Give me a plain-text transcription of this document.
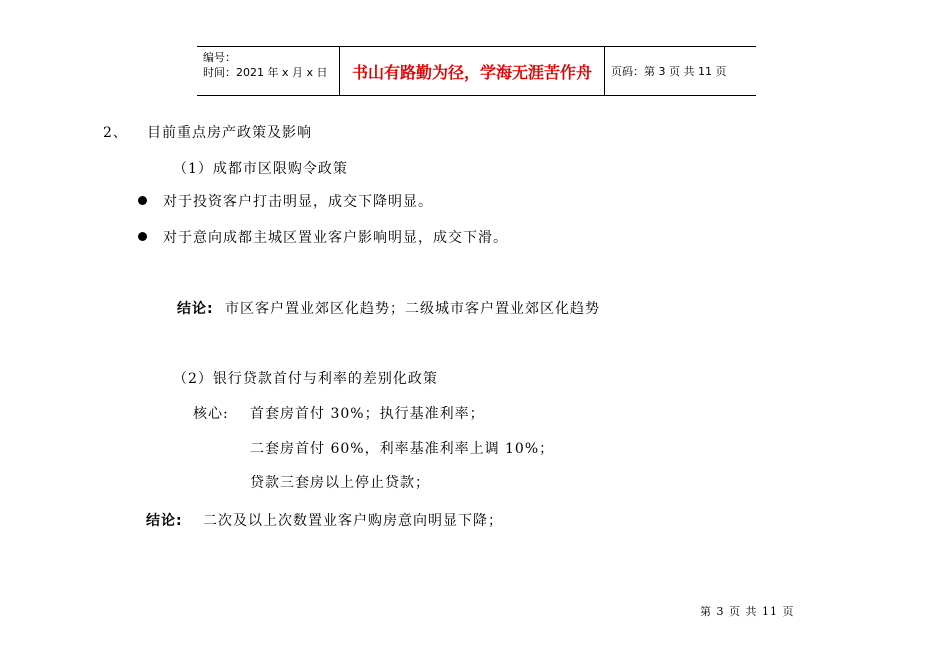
编号：
时间：2021 年 x 月 x 日	书山有路勤为径，学海无涯苦作舟	页码：第 3 页 共 11 页
2、 目前重点房产政策及影响
（1）成都市区限购令政策
对于投资客户打击明显，成交下降明显。
对于意向成都主城区置业客户影响明显，成交下滑。
结论: 市区客户置业郊区化趋势；二级城市客户置业郊区化趋势
（2）银行贷款首付与利率的差别化政策
核心: 首套房首付 30%；执行基准利率；
二套房首付 60%，利率基准利率上调 10%；
贷款三套房以上停止贷款；
结论: 二次及以上次数置业客户购房意向明显下降；
第 3 页 共 11 页
